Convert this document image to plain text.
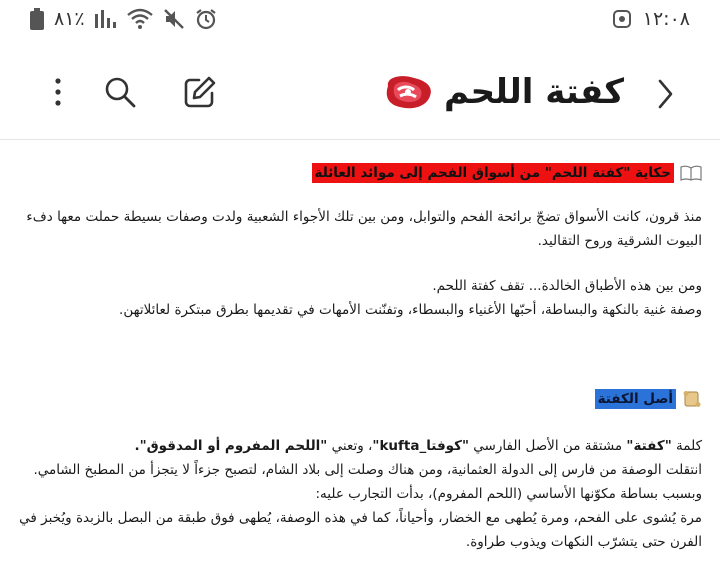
٨١٪	١٢:٠٨
كفتة اللحم
حكاية "كفتة اللحم" من أسواق الفحم إلى موائد العائلة
منذ قرون، كانت الأسواق تضجّ برائحة الفحم والتوابل، ومن بين تلك الأجواء الشعبية ولدت وصفات بسيطة حملت معها دفء
البيوت الشرقية وروح التقاليد.
ومن بين هذه الأطباق الخالدة... تقف كفتة اللحم.
وصفة غنية بالنكهة والبساطة، أحبّها الأغنياء والبسطاء، وتفنّنت الأمهات في تقديمها بطرق مبتكرة لعائلاتهن.
أصل الكفتة
كلمة "كفتة" مشتقة من الأصل الفارسي "كوفتا_kufta"، وتعني "اللحم المفروم أو المدقوق".
انتقلت الوصفة من فارس إلى الدولة العثمانية، ومن هناك وصلت إلى بلاد الشام، لتصبح جزءاً لا يتجزأ من المطبخ الشامي.
وبسبب بساطة مكوّنها الأساسي (اللحم المفروم)، بدأت التجارب عليه:
مرة يُشوى على الفحم، ومرة يُطهى مع الخضار، وأحياناً، كما في هذه الوصفة، يُطهى فوق طبقة من البصل بالزبدة ويُخبز في
الفرن حتى يتشرّب النكهات ويذوب طراوة.
